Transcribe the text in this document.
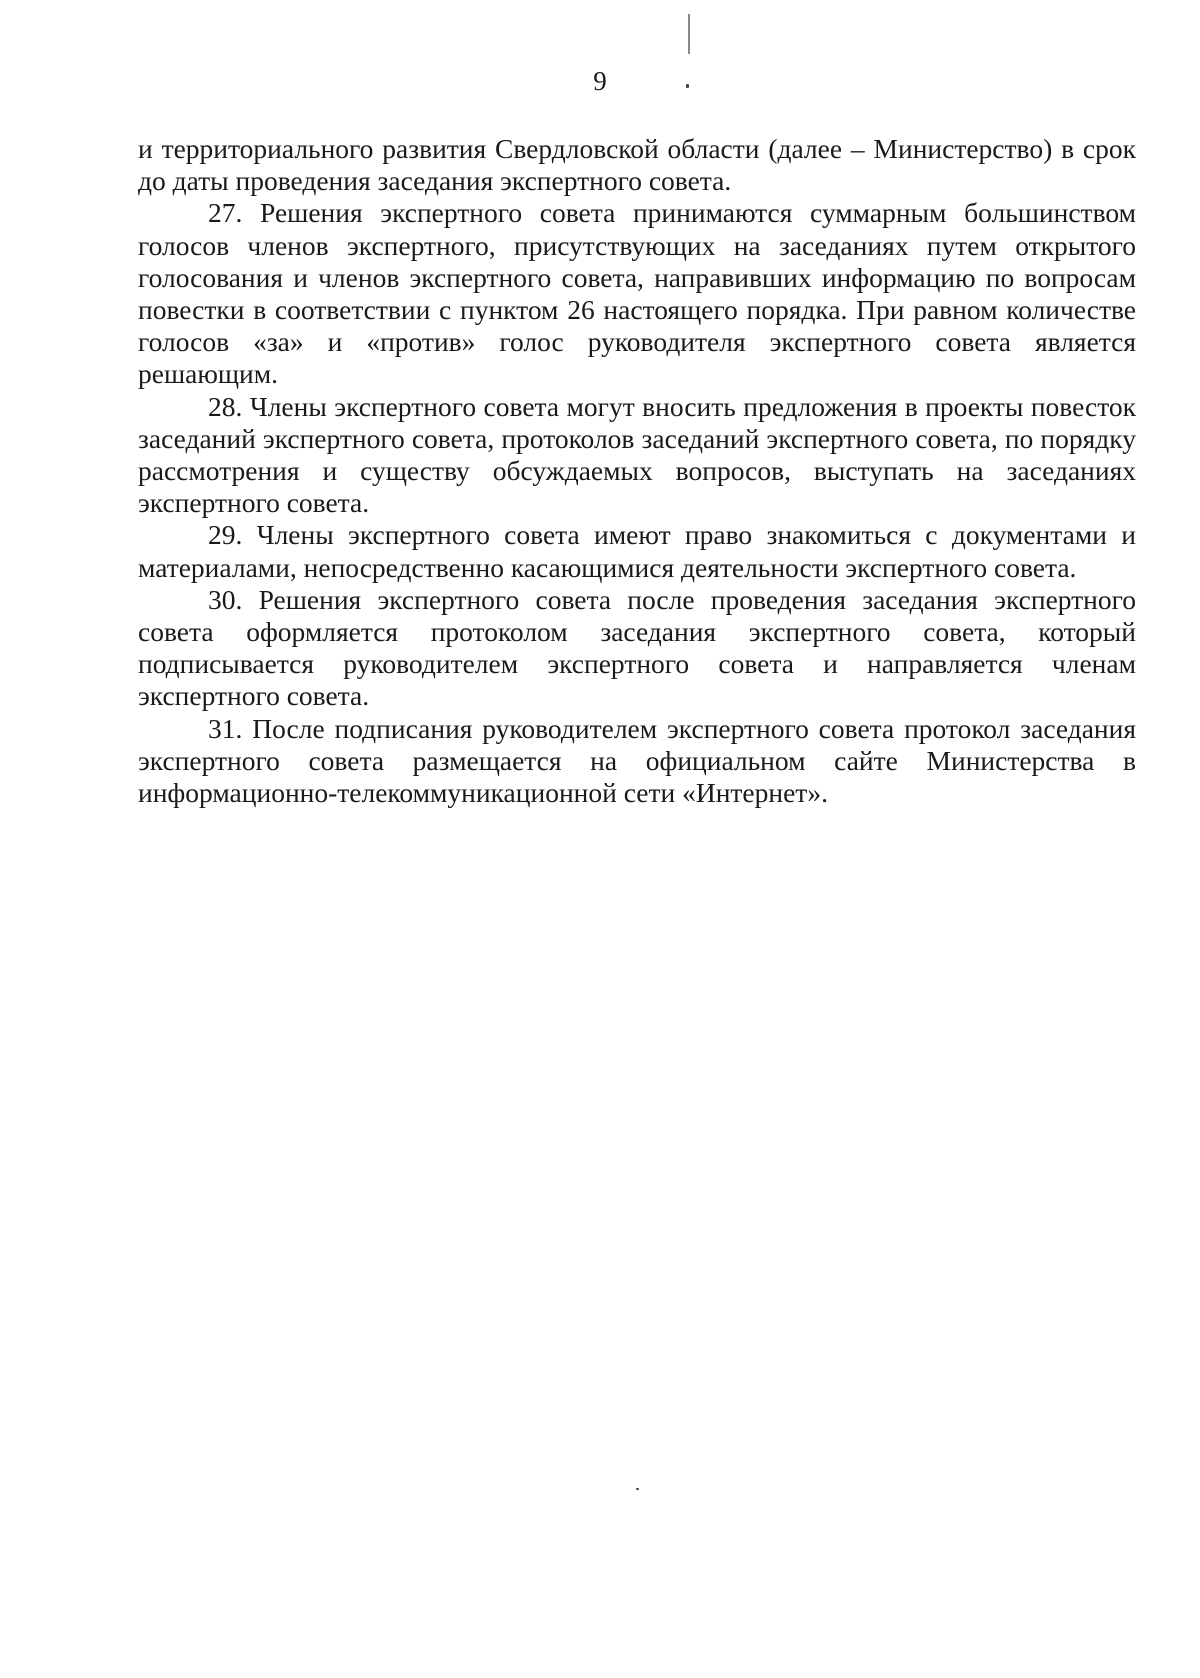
9

и территориального развития Свердловской области (далее – Министерство) в срок до даты проведения заседания экспертного совета.

27. Решения экспертного совета принимаются суммарным большинством голосов членов экспертного, присутствующих на заседаниях путем открытого голосования и членов экспертного совета, направивших информацию по вопросам повестки в соответствии с пунктом 26 настоящего порядка. При равном количестве голосов «за» и «против» голос руководителя экспертного совета является решающим.

28. Члены экспертного совета могут вносить предложения в проекты повесток заседаний экспертного совета, протоколов заседаний экспертного совета, по порядку рассмотрения и существу обсуждаемых вопросов, выступать на заседаниях экспертного совета.

29. Члены экспертного совета имеют право знакомиться с документами и материалами, непосредственно касающимися деятельности экспертного совета.

30. Решения экспертного совета после проведения заседания экспертного совета оформляется протоколом заседания экспертного совета, который подписывается руководителем экспертного совета и направляется членам экспертного совета.

31. После подписания руководителем экспертного совета протокол заседания экспертного совета размещается на официальном сайте Министерства в информационно-телекоммуникационной сети «Интернет».
